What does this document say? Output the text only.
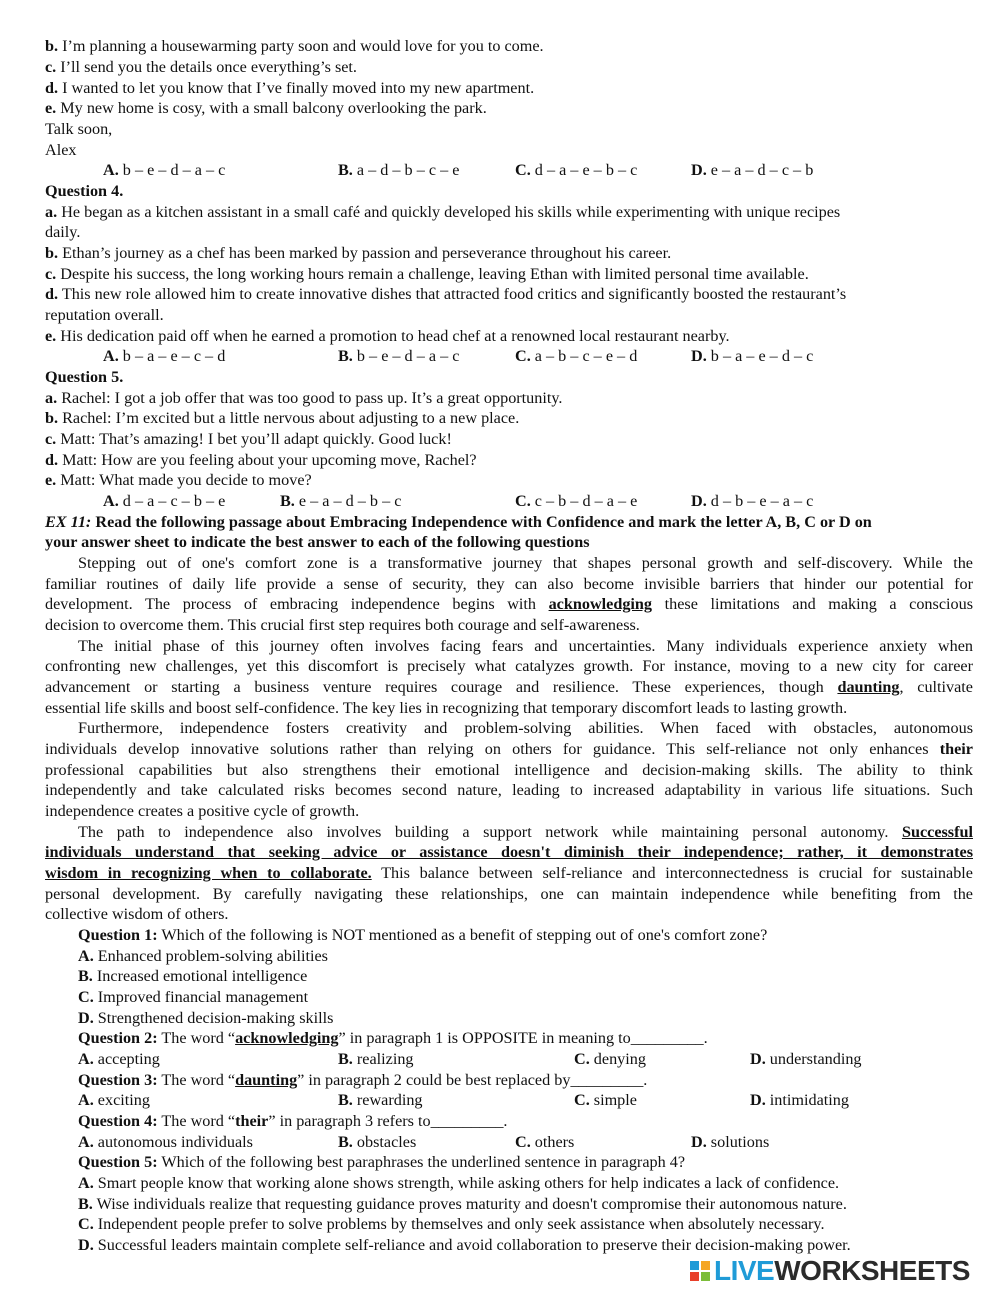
b. I’m planning a housewarming party soon and would love for you to come.
c. I’ll send you the details once everything’s set.
d. I wanted to let you know that I’ve finally moved into my new apartment.
e. My new home is cosy, with a small balcony overlooking the park.
Talk soon,
Alex
A. b – e – d – a – c	B. a – d – b – c – e	C. d – a – e – b – c	D. e – a – d – c – b
Question 4.
a. He began as a kitchen assistant in a small café and quickly developed his skills while experimenting with unique recipes
daily.
b. Ethan’s journey as a chef has been marked by passion and perseverance throughout his career.
c. Despite his success, the long working hours remain a challenge, leaving Ethan with limited personal time available.
d. This new role allowed him to create innovative dishes that attracted food critics and significantly boosted the restaurant’s
reputation overall.
e. His dedication paid off when he earned a promotion to head chef at a renowned local restaurant nearby.
A. b – a – e – c – d	B. b – e – d – a – c	C. a – b – c – e – d	D. b – a – e – d – c
Question 5.
a. Rachel: I got a job offer that was too good to pass up. It’s a great opportunity.
b. Rachel: I’m excited but a little nervous about adjusting to a new place.
c. Matt: That’s amazing! I bet you’ll adapt quickly. Good luck!
d. Matt: How are you feeling about your upcoming move, Rachel?
e. Matt: What made you decide to move?
A. d – a – c – b – e	B. e – a – d – b – c	C. c – b – d – a – e	D. d – b – e – a – c
EX 11: Read the following passage about Embracing Independence with Confidence and mark the letter A, B, C or D on
your answer sheet to indicate the best answer to each of the following questions
Stepping out of one's comfort zone is a transformative journey that shapes personal growth and self-discovery. While the
familiar routines of daily life provide a sense of security, they can also become invisible barriers that hinder our potential for
development. The process of embracing independence begins with acknowledging these limitations and making a conscious
decision to overcome them. This crucial first step requires both courage and self-awareness.
The initial phase of this journey often involves facing fears and uncertainties. Many individuals experience anxiety when
confronting new challenges, yet this discomfort is precisely what catalyzes growth. For instance, moving to a new city for career
advancement or starting a business venture requires courage and resilience. These experiences, though daunting, cultivate
essential life skills and boost self-confidence. The key lies in recognizing that temporary discomfort leads to lasting growth.
Furthermore, independence fosters creativity and problem-solving abilities. When faced with obstacles, autonomous
individuals develop innovative solutions rather than relying on others for guidance. This self-reliance not only enhances their
professional capabilities but also strengthens their emotional intelligence and decision-making skills. The ability to think
independently and take calculated risks becomes second nature, leading to increased adaptability in various life situations. Such
independence creates a positive cycle of growth.
The path to independence also involves building a support network while maintaining personal autonomy. Successful
individuals understand that seeking advice or assistance doesn't diminish their independence; rather, it demonstrates
wisdom in recognizing when to collaborate. This balance between self-reliance and interconnectedness is crucial for sustainable
personal development. By carefully navigating these relationships, one can maintain independence while benefiting from the
collective wisdom of others.
Question 1: Which of the following is NOT mentioned as a benefit of stepping out of one's comfort zone?
A. Enhanced problem-solving abilities
B. Increased emotional intelligence
C. Improved financial management
D. Strengthened decision-making skills
Question 2: The word “acknowledging” in paragraph 1 is OPPOSITE in meaning to_________.
A. accepting	B. realizing	C. denying	D. understanding
Question 3: The word “daunting” in paragraph 2 could be best replaced by_________.
A. exciting	B. rewarding	C. simple	D. intimidating
Question 4: The word “their” in paragraph 3 refers to_________.
A. autonomous individuals	B. obstacles	C. others	D. solutions
Question 5: Which of the following best paraphrases the underlined sentence in paragraph 4?
A. Smart people know that working alone shows strength, while asking others for help indicates a lack of confidence.
B. Wise individuals realize that requesting guidance proves maturity and doesn't compromise their autonomous nature.
C. Independent people prefer to solve problems by themselves and only seek assistance when absolutely necessary.
D. Successful leaders maintain complete self-reliance and avoid collaboration to preserve their decision-making power.
LIVEWORKSHEETS
